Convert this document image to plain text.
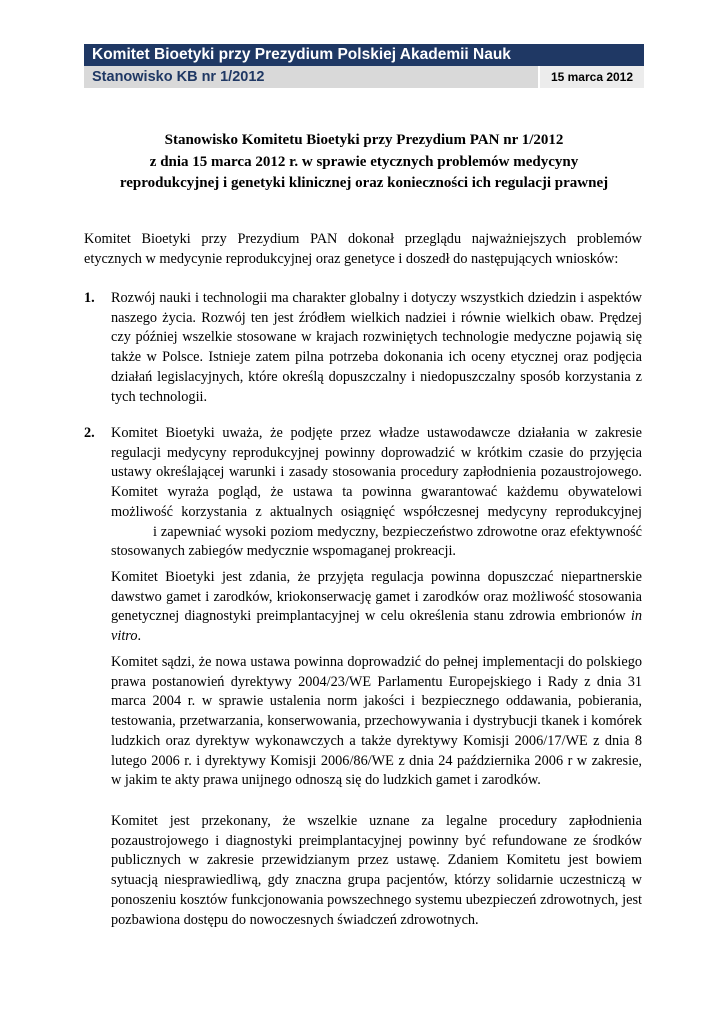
Komitet Bioetyki przy Prezydium Polskiej Akademii Nauk
Stanowisko KB nr 1/2012	15 marca 2012
Stanowisko Komitetu Bioetyki przy Prezydium PAN nr 1/2012
z dnia 15 marca 2012 r. w sprawie etycznych problemów medycyny
reprodukcyjnej i genetyki klinicznej oraz konieczności ich regulacji prawnej

Komitet Bioetyki przy Prezydium PAN dokonał przeglądu najważniejszych problemów etycznych w medycynie reprodukcyjnej oraz genetyce i doszedł do następujących wniosków:

1. Rozwój nauki i technologii ma charakter globalny i dotyczy wszystkich dziedzin i aspektów naszego życia. Rozwój ten jest źródłem wielkich nadziei i równie wielkich obaw. Prędzej czy później wszelkie stosowane w krajach rozwiniętych technologie medyczne pojawią się także w Polsce. Istnieje zatem pilna potrzeba dokonania ich oceny etycznej oraz podjęcia działań legislacyjnych, które określą dopuszczalny i niedopuszczalny sposób korzystania z tych technologii.

2. Komitet Bioetyki uważa, że podjęte przez władze ustawodawcze działania w zakresie regulacji medycyny reprodukcyjnej powinny doprowadzić w krótkim czasie do przyjęcia ustawy określającej warunki i zasady stosowania procedury zapłodnienia pozaustrojowego. Komitet wyraża pogląd, że ustawa ta powinna gwarantować każdemu obywatelowi możliwość korzystania z aktualnych osiągnięć współczesnej medycyny reprodukcyjneji zapewniać wysoki poziom medyczny, bezpieczeństwo zdrowotne oraz efektywność stosowanych zabiegów medycznie wspomaganej prokreacji.

Komitet Bioetyki jest zdania, że przyjęta regulacja powinna dopuszczać niepartnerskie dawstwo gamet i zarodków, kriokonserwację gamet i zarodków oraz możliwość stosowania genetycznej diagnostyki preimplantacyjnej w celu określenia stanu zdrowia embrionów in vitro.

Komitet sądzi, że nowa ustawa powinna doprowadzić do pełnej implementacji do polskiego prawa postanowień dyrektywy 2004/23/WE Parlamentu Europejskiego i Rady z dnia 31 marca 2004 r. w sprawie ustalenia norm jakości i bezpiecznego oddawania, pobierania, testowania, przetwarzania, konserwowania, przechowywania i dystrybucji tkanek i komórek ludzkich oraz dyrektyw wykonawczych a także dyrektywy Komisji 2006/17/WE z dnia 8 lutego 2006 r. i dyrektywy Komisji 2006/86/WE z dnia 24 października 2006 r w zakresie, w jakim te akty prawa unijnego odnoszą się do ludzkich gamet i zarodków.

Komitet jest przekonany, że wszelkie uznane za legalne procedury zapłodnienia pozaustrojowego i diagnostyki preimplantacyjnej powinny być refundowane ze środków publicznych w zakresie przewidzianym przez ustawę. Zdaniem Komitetu jest bowiem sytuacją niesprawiedliwą, gdy znaczna grupa pacjentów, którzy solidarnie uczestniczą w ponoszeniu kosztów funkcjonowania powszechnego systemu ubezpieczeń zdrowotnych, jest pozbawiona dostępu do nowoczesnych świadczeń zdrowotnych.
